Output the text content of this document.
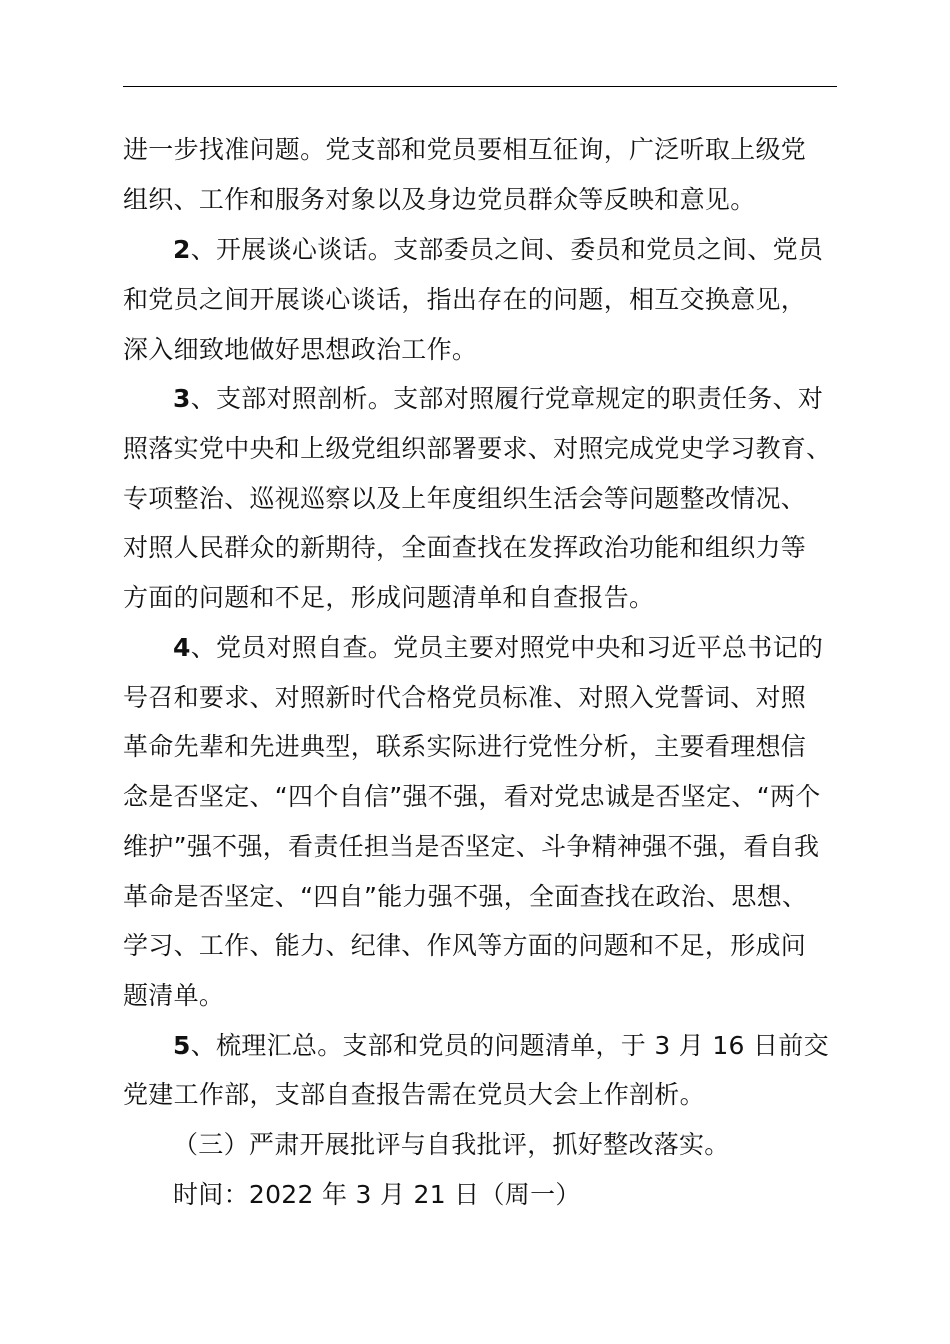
进一步找准问题。党支部和党员要相互征询，广泛听取上级党
组织、工作和服务对象以及身边党员群众等反映和意见。
2、开展谈心谈话。支部委员之间、委员和党员之间、党员
和党员之间开展谈心谈话，指出存在的问题，相互交换意见，
深入细致地做好思想政治工作。
3、支部对照剖析。支部对照履行党章规定的职责任务、对
照落实党中央和上级党组织部署要求、对照完成党史学习教育、
专项整治、巡视巡察以及上年度组织生活会等问题整改情况、
对照人民群众的新期待，全面查找在发挥政治功能和组织力等
方面的问题和不足，形成问题清单和自查报告。
4、党员对照自查。党员主要对照党中央和习近平总书记的
号召和要求、对照新时代合格党员标准、对照入党誓词、对照
革命先辈和先进典型，联系实际进行党性分析，主要看理想信
念是否坚定、“四个自信”强不强，看对党忠诚是否坚定、“两个
维护”强不强，看责任担当是否坚定、斗争精神强不强，看自我
革命是否坚定、“四自”能力强不强，全面查找在政治、思想、
学习、工作、能力、纪律、作风等方面的问题和不足，形成问
题清单。
5、梳理汇总。支部和党员的问题清单，于 3 月 16 日前交
党建工作部，支部自查报告需在党员大会上作剖析。
（三）严肃开展批评与自我批评，抓好整改落实。
时间：2022 年 3 月 21 日（周一）
